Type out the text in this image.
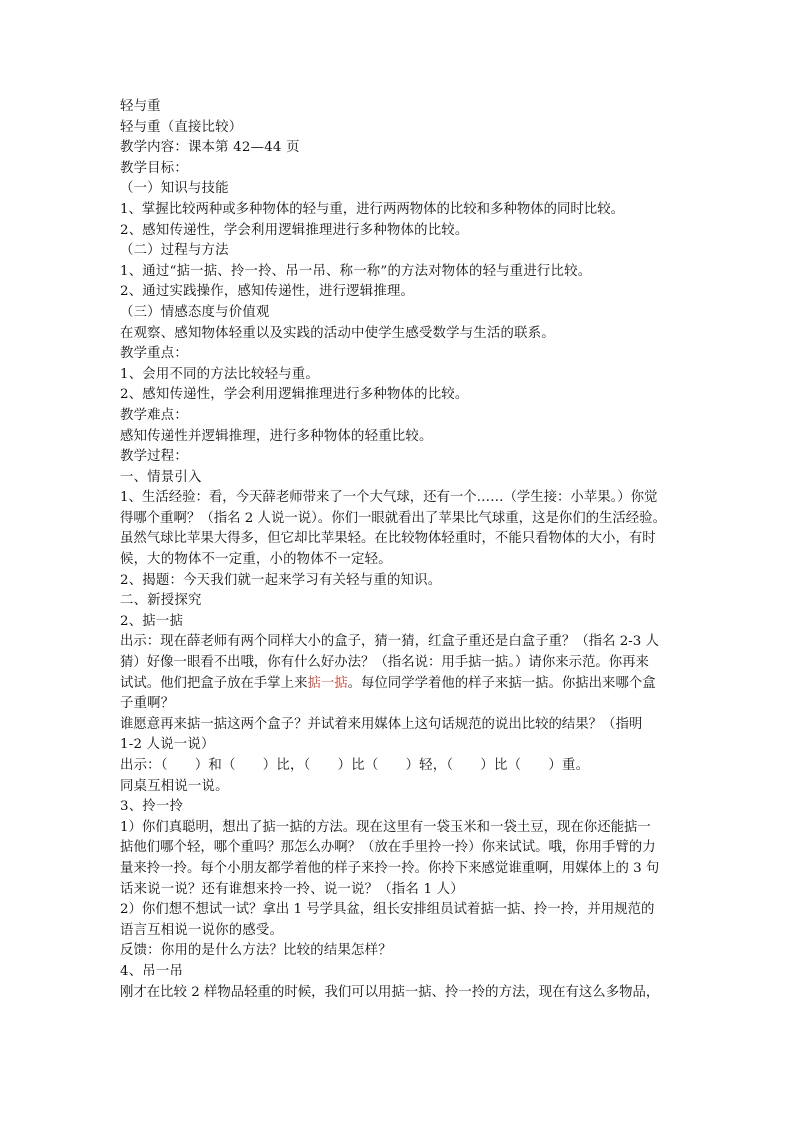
轻与重
轻与重（直接比较）
教学内容：课本第 42—44 页
教学目标：
（一）知识与技能
1、掌握比较两种或多种物体的轻与重，进行两两物体的比较和多种物体的同时比较。
2、感知传递性，学会利用逻辑推理进行多种物体的比较。
（二）过程与方法
1、通过“掂一掂、拎一拎、吊一吊、称一称”的方法对物体的轻与重进行比较。
2、通过实践操作，感知传递性，进行逻辑推理。
（三）情感态度与价值观
在观察、感知物体轻重以及实践的活动中使学生感受数学与生活的联系。
教学重点：
1、会用不同的方法比较轻与重。
2、感知传递性，学会利用逻辑推理进行多种物体的比较。
教学难点：
感知传递性并逻辑推理，进行多种物体的轻重比较。
教学过程：
一、情景引入
1、生活经验：看，今天薛老师带来了一个大气球，还有一个……（学生接：小苹果。）你觉
得哪个重啊？（指名 2 人说一说）。你们一眼就看出了苹果比气球重，这是你们的生活经验。
虽然气球比苹果大得多，但它却比苹果轻。在比较物体轻重时，不能只看物体的大小，有时
候，大的物体不一定重，小的物体不一定轻。
2、揭题：今天我们就一起来学习有关轻与重的知识。
二、新授探究
2、掂一掂
出示：现在薛老师有两个同样大小的盒子，猜一猜，红盒子重还是白盒子重？（指名 2-3 人
猜）好像一眼看不出哦，你有什么好办法？（指名说：用手掂一掂。）请你来示范。你再来
试试。他们把盒子放在手掌上来掂一掂。每位同学学着他的样子来掂一掂。你掂出来哪个盒
子重啊？
谁愿意再来掂一掂这两个盒子？并试着来用媒体上这句话规范的说出比较的结果？（指明
1-2 人说一说）
出示：（　　）和（　　）比，（　　）比（　　）轻，（　　）比（　　）重。
同桌互相说一说。
3、拎一拎
1）你们真聪明，想出了掂一掂的方法。现在这里有一袋玉米和一袋土豆，现在你还能掂一
掂他们哪个轻，哪个重吗？那怎么办啊？（放在手里拎一拎）你来试试。哦，你用手臂的力
量来拎一拎。每个小朋友都学着他的样子来拎一拎。你拎下来感觉谁重啊，用媒体上的 3 句
话来说一说？还有谁想来拎一拎、说一说？（指名 1 人）
2）你们想不想试一试？拿出 1 号学具盆，组长安排组员试着掂一掂、拎一拎，并用规范的
语言互相说一说你的感受。
反馈：你用的是什么方法？比较的结果怎样？
4、吊一吊
刚才在比较 2 样物品轻重的时候，我们可以用掂一掂、拎一拎的方法，现在有这么多物品，
